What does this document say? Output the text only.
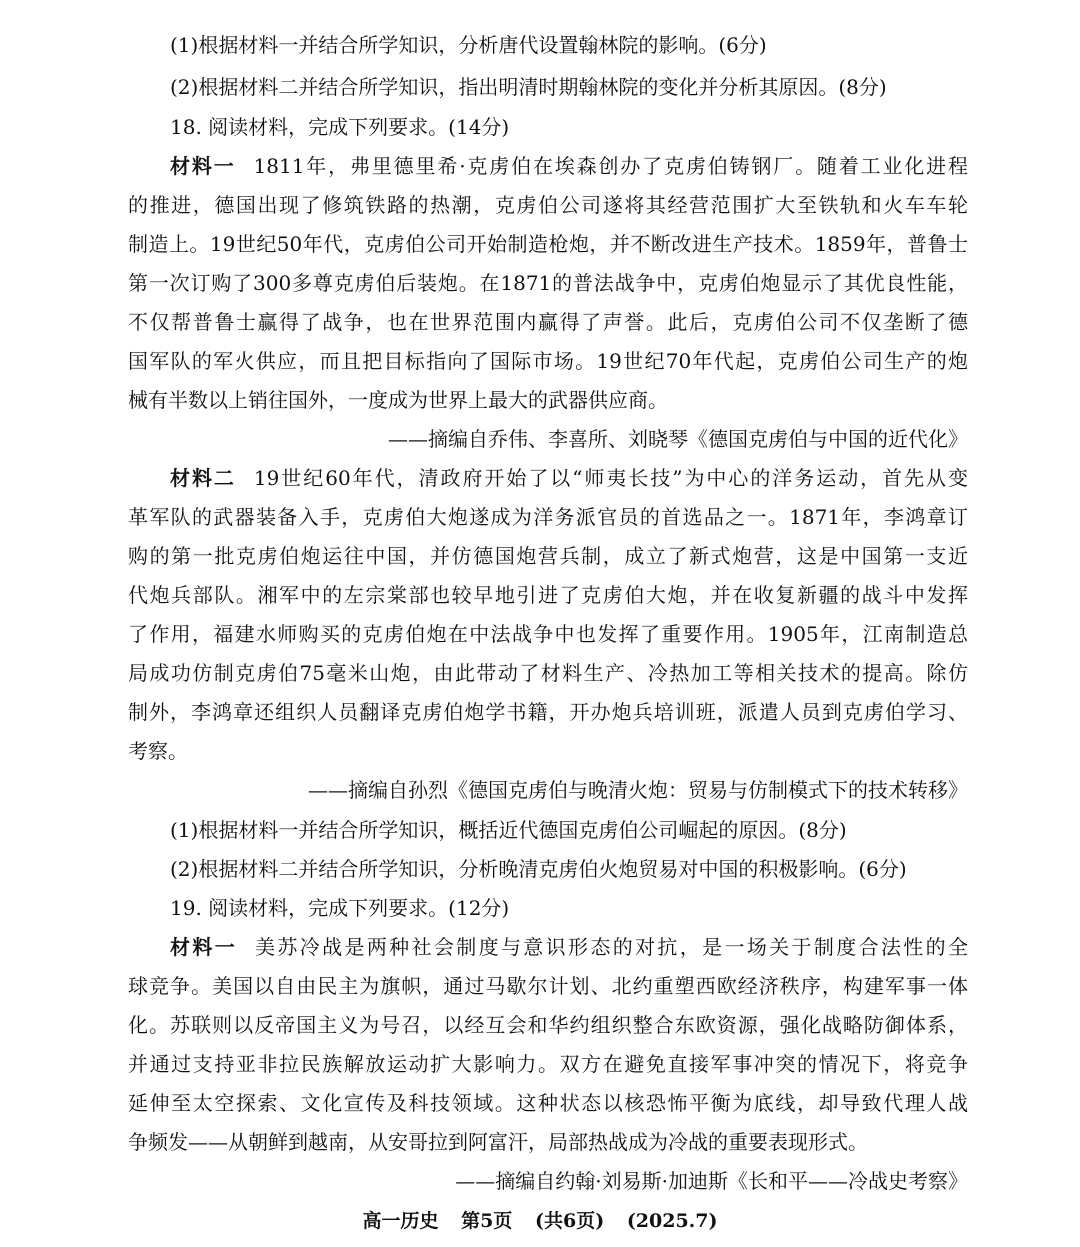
(1)根据材料一并结合所学知识，分析唐代设置翰林院的影响。(6分)
(2)根据材料二并结合所学知识，指出明清时期翰林院的变化并分析其原因。(8分)
18. 阅读材料，完成下列要求。(14分)
材料一 1811年，弗里德里希·克虏伯在埃森创办了克虏伯铸钢厂。随着工业化进程
的推进，德国出现了修筑铁路的热潮，克虏伯公司遂将其经营范围扩大至铁轨和火车车轮
制造上。19世纪50年代，克虏伯公司开始制造枪炮，并不断改进生产技术。1859年，普鲁士
第一次订购了300多尊克虏伯后装炮。在1871的普法战争中，克虏伯炮显示了其优良性能，
不仅帮普鲁士赢得了战争，也在世界范围内赢得了声誉。此后，克虏伯公司不仅垄断了德
国军队的军火供应，而且把目标指向了国际市场。19世纪70年代起，克虏伯公司生产的炮
械有半数以上销往国外，一度成为世界上最大的武器供应商。
——摘编自乔伟、李喜所、刘晓琴《德国克虏伯与中国的近代化》
材料二 19世纪60年代，清政府开始了以“师夷长技”为中心的洋务运动，首先从变
革军队的武器装备入手，克虏伯大炮遂成为洋务派官员的首选品之一。1871年，李鸿章订
购的第一批克虏伯炮运往中国，并仿德国炮营兵制，成立了新式炮营，这是中国第一支近
代炮兵部队。湘军中的左宗棠部也较早地引进了克虏伯大炮，并在收复新疆的战斗中发挥
了作用，福建水师购买的克虏伯炮在中法战争中也发挥了重要作用。1905年，江南制造总
局成功仿制克虏伯75毫米山炮，由此带动了材料生产、冷热加工等相关技术的提高。除仿
制外，李鸿章还组织人员翻译克虏伯炮学书籍，开办炮兵培训班，派遣人员到克虏伯学习、
考察。
——摘编自孙烈《德国克虏伯与晚清火炮：贸易与仿制模式下的技术转移》
(1)根据材料一并结合所学知识，概括近代德国克虏伯公司崛起的原因。(8分)
(2)根据材料二并结合所学知识，分析晚清克虏伯火炮贸易对中国的积极影响。(6分)
19. 阅读材料，完成下列要求。(12分)
材料一 美苏冷战是两种社会制度与意识形态的对抗，是一场关于制度合法性的全
球竞争。美国以自由民主为旗帜，通过马歇尔计划、北约重塑西欧经济秩序，构建军事一体
化。苏联则以反帝国主义为号召，以经互会和华约组织整合东欧资源，强化战略防御体系，
并通过支持亚非拉民族解放运动扩大影响力。双方在避免直接军事冲突的情况下，将竞争
延伸至太空探索、文化宣传及科技领域。这种状态以核恐怖平衡为底线，却导致代理人战
争频发——从朝鲜到越南，从安哥拉到阿富汗，局部热战成为冷战的重要表现形式。
——摘编自约翰·刘易斯·加迪斯《长和平——冷战史考察》
高一历史 第5页 (共6页) (2025.7)
